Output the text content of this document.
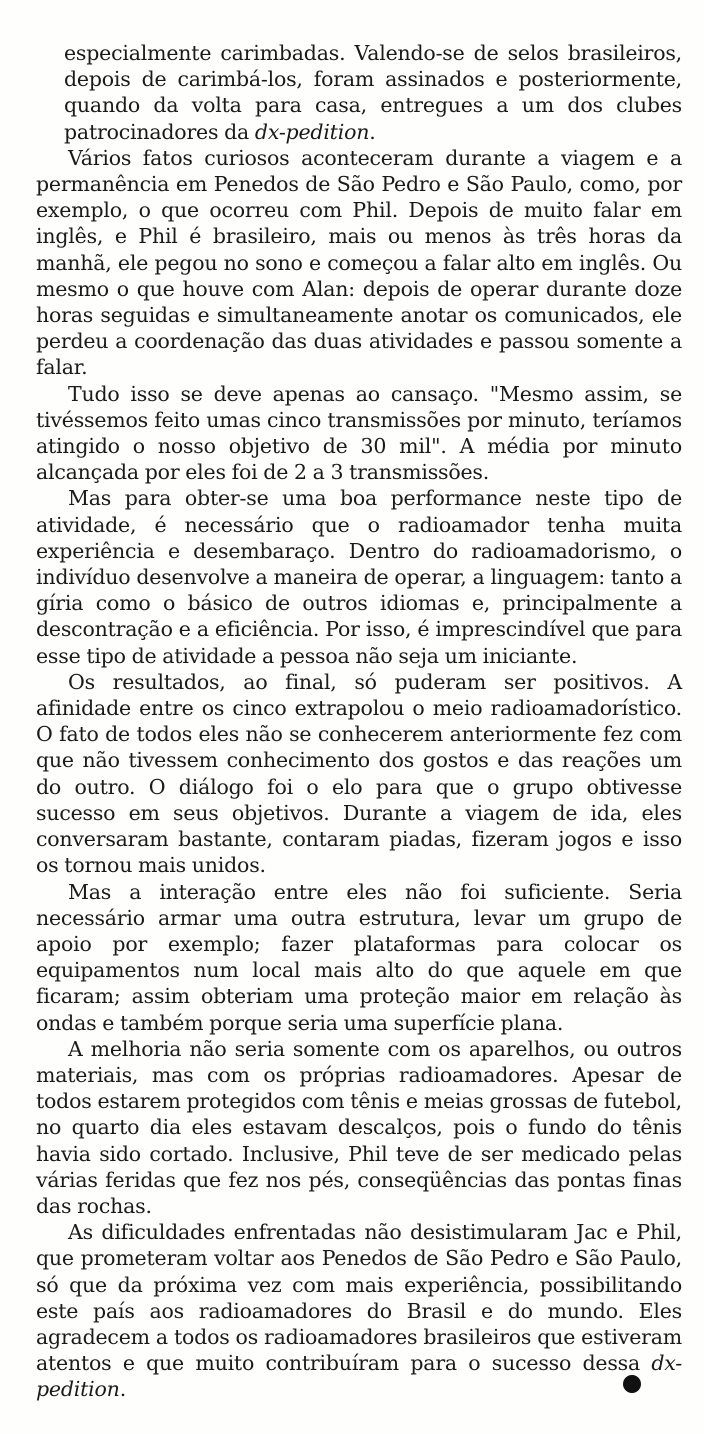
especialmente carimbadas. Valendo-se de selos brasileiros, depois de carimbá-los, foram assinados e posteriormente, quando da volta para casa, entregues a um dos clubes patrocinadores da dx-pedition.

Vários fatos curiosos aconteceram durante a viagem e a permanência em Penedos de São Pedro e São Paulo, como, por exemplo, o que ocorreu com Phil. Depois de muito falar em inglês, e Phil é brasileiro, mais ou menos às três horas da manhã, ele pegou no sono e começou a falar alto em inglês. Ou mesmo o que houve com Alan: depois de operar durante doze horas seguidas e simultaneamente anotar os comunicados, ele perdeu a coordenação das duas atividades e passou somente a falar.

Tudo isso se deve apenas ao cansaço. "Mesmo assim, se tivéssemos feito umas cinco transmissões por minuto, teríamos atingido o nosso objetivo de 30 mil". A média por minuto alcançada por eles foi de 2 a 3 transmissões.

Mas para obter-se uma boa performance neste tipo de atividade, é necessário que o radioamador tenha muita experiência e desembaraço. Dentro do radioamadorismo, o indivíduo desenvolve a maneira de operar, a linguagem: tanto a gíria como o básico de outros idiomas e, principalmente a descontração e a eficiência. Por isso, é imprescindível que para esse tipo de atividade a pessoa não seja um iniciante.

Os resultados, ao final, só puderam ser positivos. A afinidade entre os cinco extrapolou o meio radioamadorístico. O fato de todos eles não se conhecerem anteriormente fez com que não tivessem conhecimento dos gostos e das reações um do outro. O diálogo foi o elo para que o grupo obtivesse sucesso em seus objetivos. Durante a viagem de ida, eles conversaram bastante, contaram piadas, fizeram jogos e isso os tornou mais unidos.

Mas a interação entre eles não foi suficiente. Seria necessário armar uma outra estrutura, levar um grupo de apoio por exemplo; fazer plataformas para colocar os equipamentos num local mais alto do que aquele em que ficaram; assim obteriam uma proteção maior em relação às ondas e também porque seria uma superfície plana.

A melhoria não seria somente com os aparelhos, ou outros materiais, mas com os próprias radioamadores. Apesar de todos estarem protegidos com tênis e meias grossas de futebol, no quarto dia eles estavam descalços, pois o fundo do tênis havia sido cortado. Inclusive, Phil teve de ser medicado pelas várias feridas que fez nos pés, conseqüências das pontas finas das rochas.

As dificuldades enfrentadas não desistimularam Jac e Phil, que prometeram voltar aos Penedos de São Pedro e São Paulo, só que da próxima vez com mais experiência, possibilitando este país aos radioamadores do Brasil e do mundo. Eles agradecem a todos os radioamadores brasileiros que estiveram atentos e que muito contribuíram para o sucesso dessa dx-pedition.
